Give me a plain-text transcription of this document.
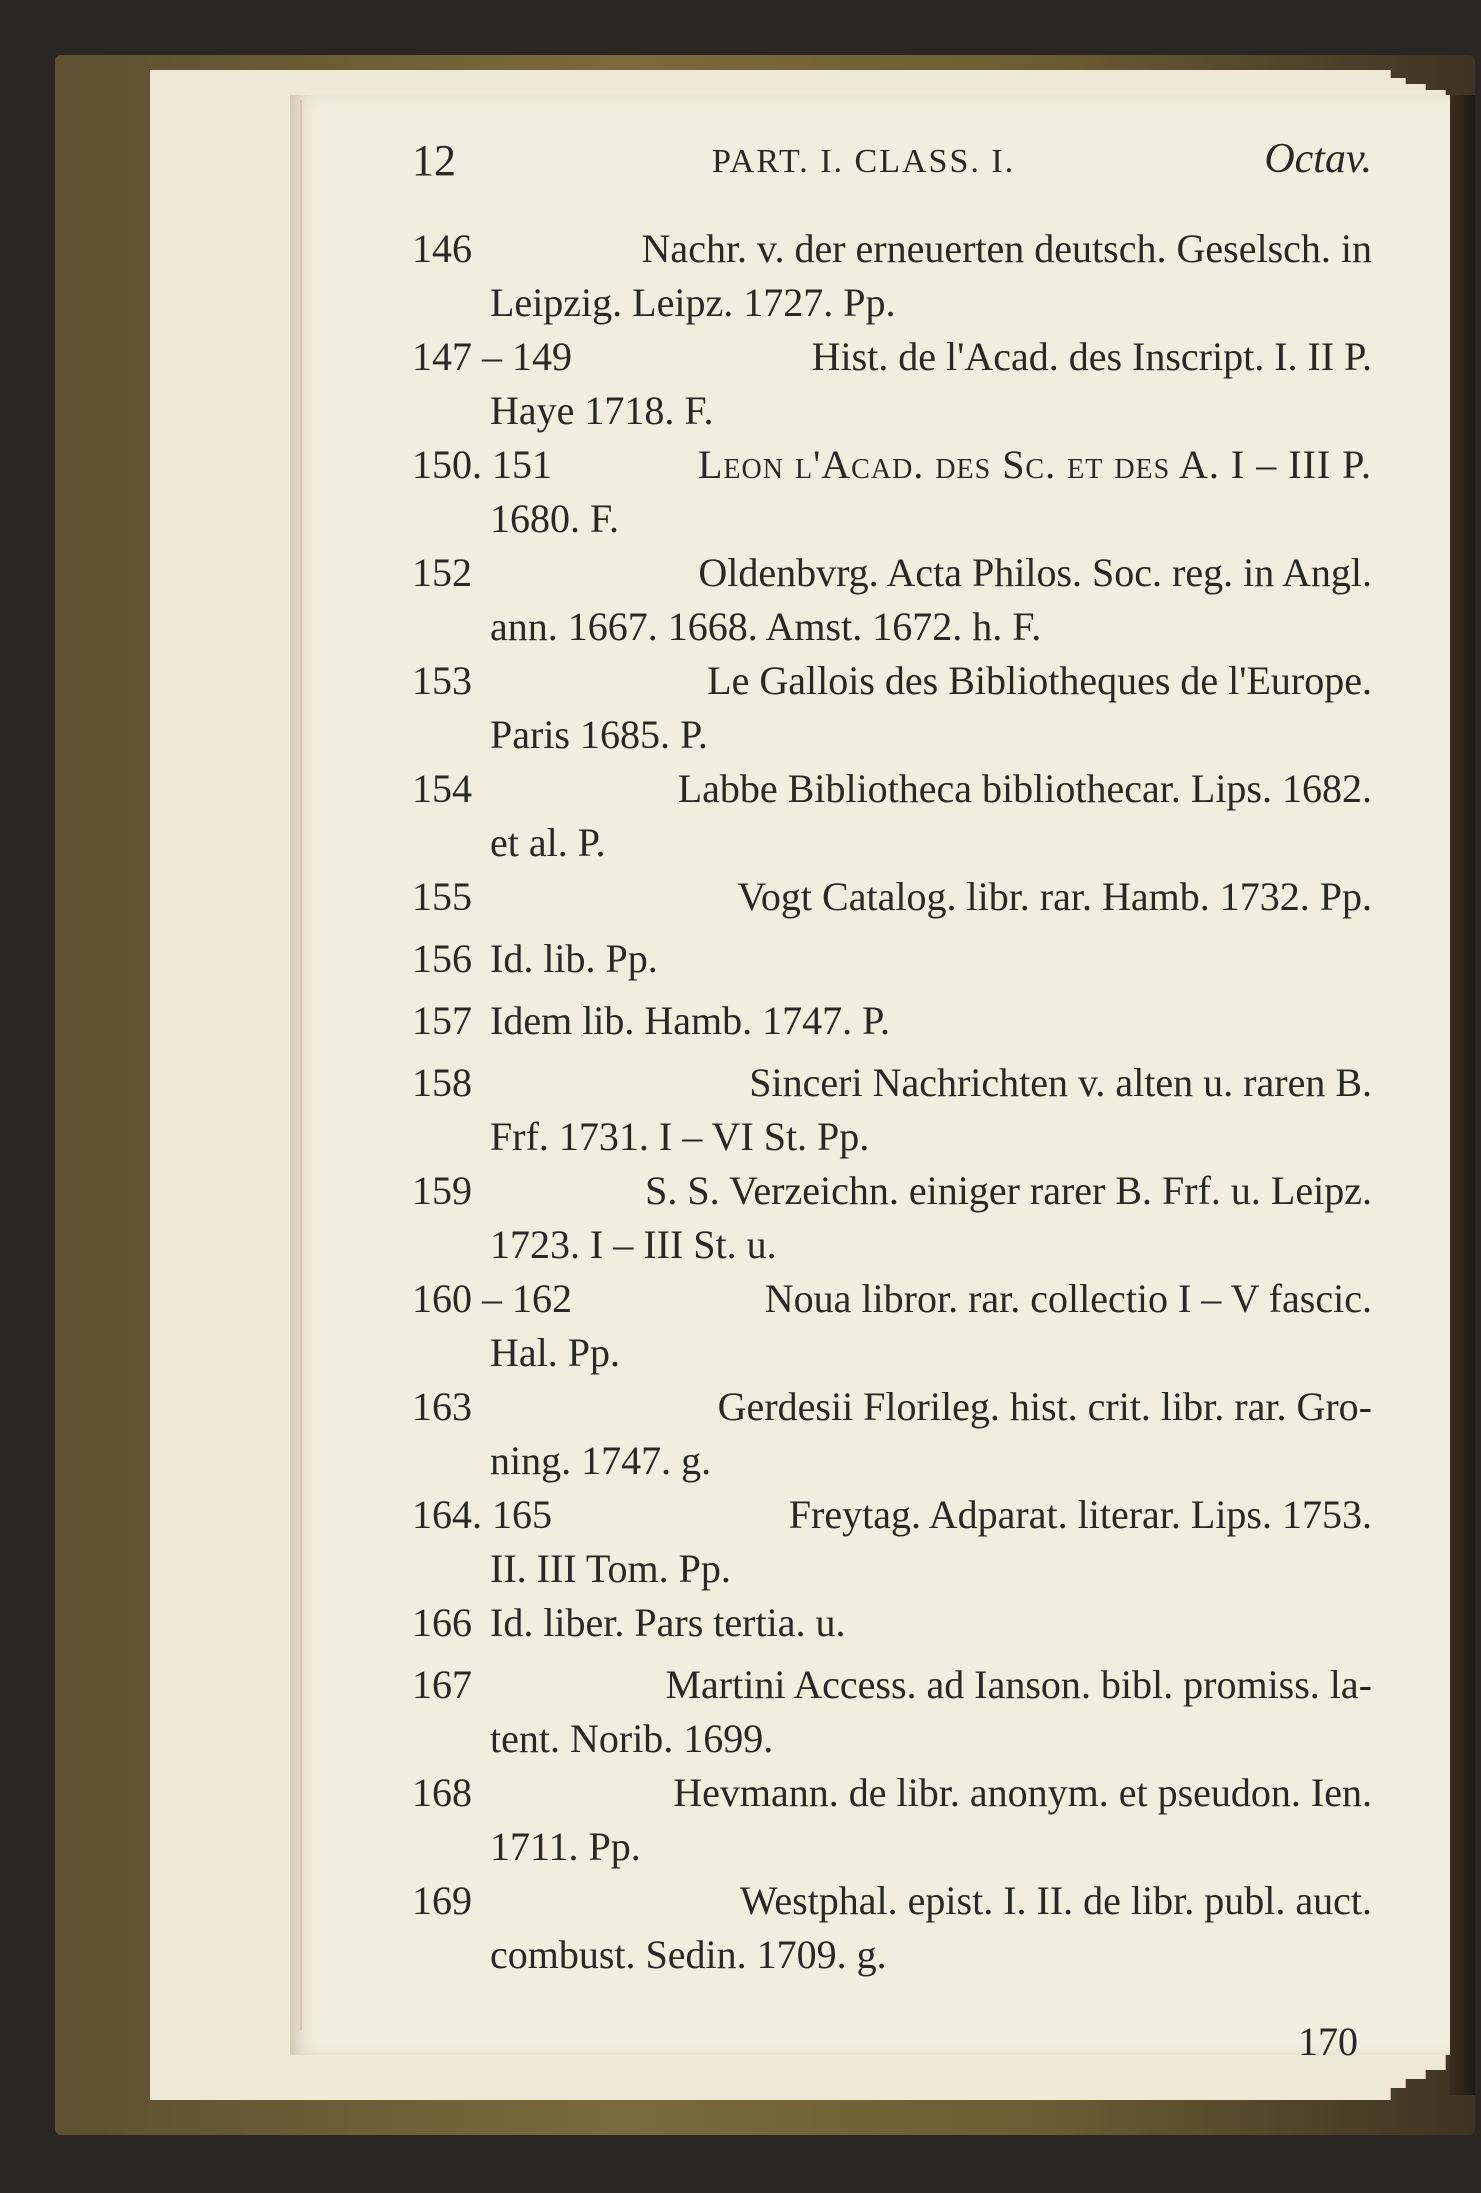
12	PART. I. CLASS. I.	Octav.
146	Nachr. v. der erneuerten deutsch. Geselsch. in
Leipzig. Leipz. 1727. Pp.
147 – 149	Hist. de l'Acad. des Inscript. I. II P.
Haye 1718. F.
150. 151	Leon l'Acad. des Sc. et des A. I – III P.
1680. F.
152	Oldenbvrg. Acta Philos. Soc. reg. in Angl.
ann. 1667. 1668. Amst. 1672. h. F.
153	Le Gallois des Bibliotheques de l'Europe.
Paris 1685. P.
154	Labbe Bibliotheca bibliothecar. Lips. 1682.
et al. P.
155	Vogt Catalog. libr. rar. Hamb. 1732. Pp.
156 Id. lib. Pp.
157 Idem lib. Hamb. 1747. P.
158	Sinceri Nachrichten v. alten u. raren B.
Frf. 1731. I – VI St. Pp.
159	S. S. Verzeichn. einiger rarer B. Frf. u. Leipz.
1723. I – III St. u.
160 – 162	Noua libror. rar. collectio I – V fascic.
Hal. Pp.
163	Gerdesii Florileg. hist. crit. libr. rar. Gro-
ning. 1747. g.
164. 165	Freytag. Adparat. literar. Lips. 1753.
II. III Tom. Pp.
166 Id. liber. Pars tertia. u.
167	Martini Access. ad Ianson. bibl. promiss. la-
tent. Norib. 1699.
168	Hevmann. de libr. anonym. et pseudon. Ien.
1711. Pp.
169	Westphal. epist. I. II. de libr. publ. auct.
combust. Sedin. 1709. g.
170
